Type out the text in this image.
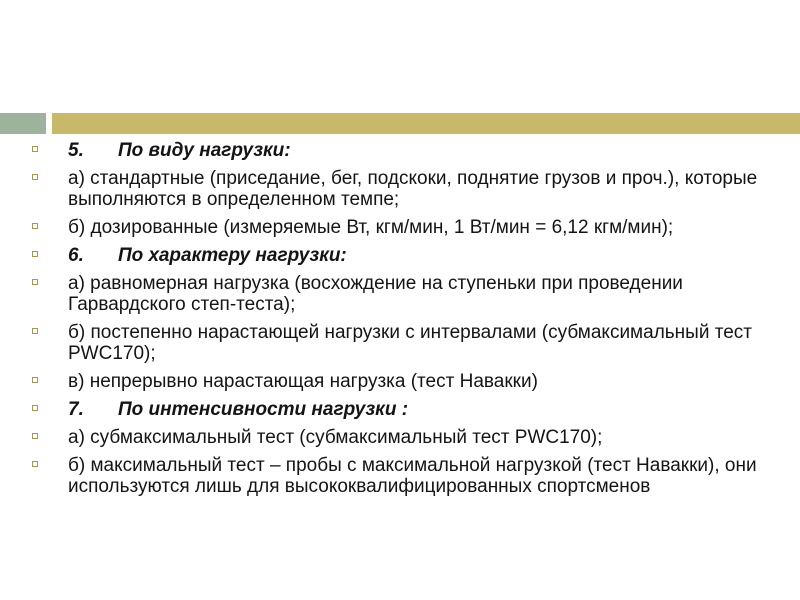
5. По виду нагрузки:
а) стандартные (приседание, бег, подскоки, поднятие грузов и проч.), которые выполняются в определенном темпе;
б) дозированные (измеряемые Вт, кгм/мин, 1 Вт/мин = 6,12 кгм/мин);
6. По характеру нагрузки:
а) равномерная нагрузка (восхождение на ступеньки при проведении Гарвардского степ-теста);
б) постепенно нарастающей нагрузки с интервалами (субмаксимальный тест PWC170);
в) непрерывно нарастающая нагрузка (тест Навакки)
7. По интенсивности нагрузки :
а) субмаксимальный тест (субмаксимальный тест PWC170);
б) максимальный тест – пробы с максимальной нагрузкой (тест Навакки), они используются лишь для высококвалифицированных спортсменов
